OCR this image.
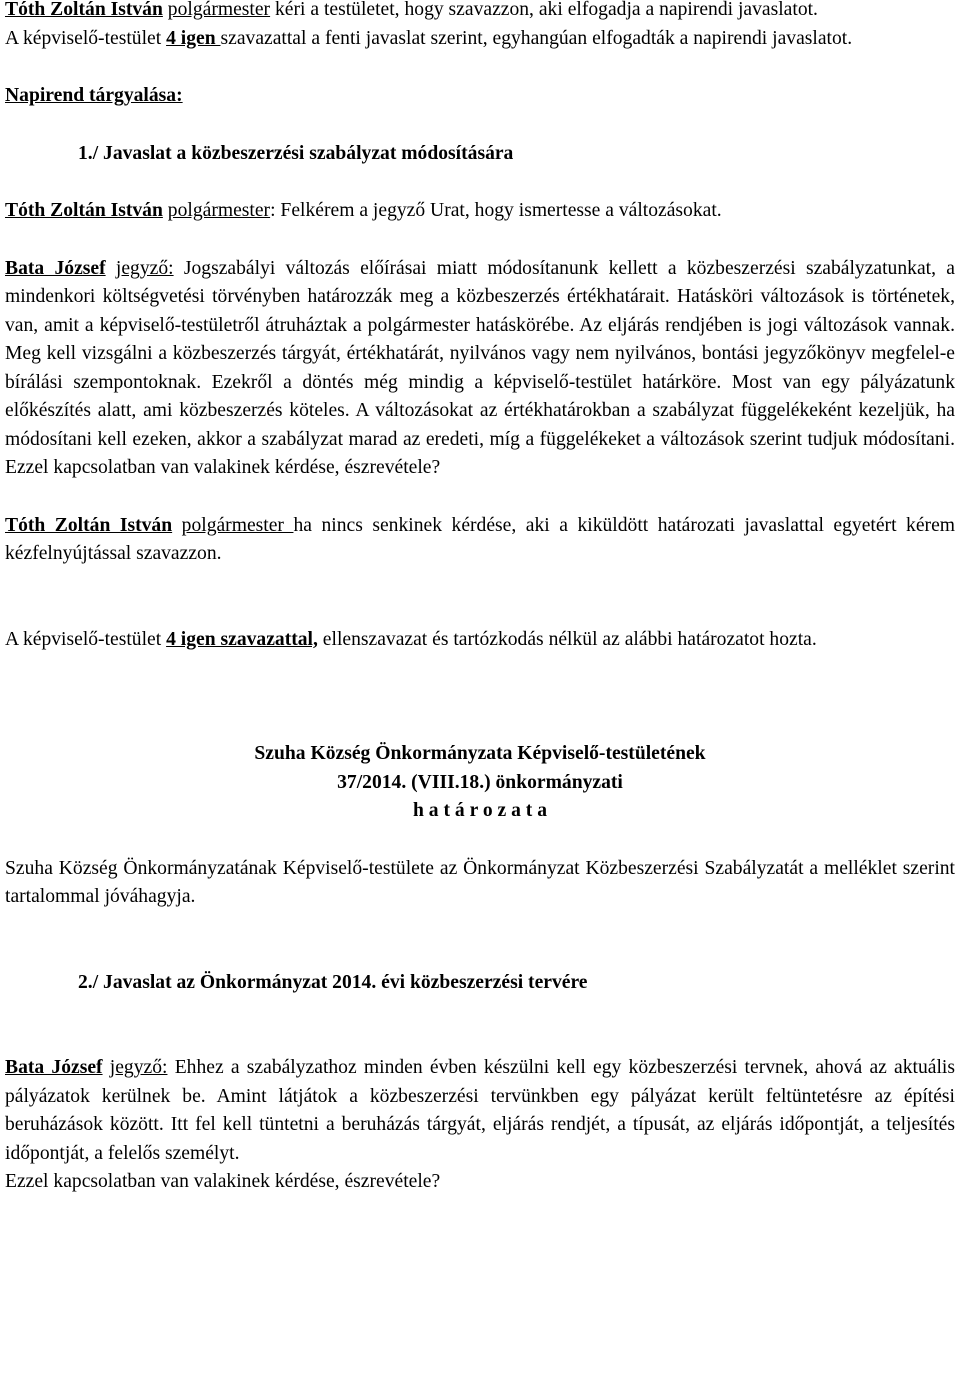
Tóth Zoltán István polgármester kéri a testületet, hogy szavazzon, aki elfogadja a napirendi javaslatot.

A képviselő-testület 4 igen szavazattal a fenti javaslat szerint, egyhangúan elfogadták a napirendi javaslatot.

Napirend tárgyalása:

1./ Javaslat a közbeszerzési szabályzat módosítására

Tóth Zoltán István polgármester: Felkérem a jegyző Urat, hogy ismertesse a változásokat.

Bata József jegyző: Jogszabályi változás előírásai miatt módosítanunk kellett a közbeszerzési szabályzatunkat, a mindenkori költségvetési törvényben határozzák meg a közbeszerzés értékhatárait. Hatásköri változások is történetek, van, amit a képviselő-testületről átruháztak a polgármester hatáskörébe. Az eljárás rendjében is jogi változások vannak. Meg kell vizsgálni a közbeszerzés tárgyát, értékhatárát, nyilvános vagy nem nyilvános, bontási jegyzőkönyv megfelel-e bírálási szempontoknak. Ezekről a döntés még mindig a képviselő-testület határköre. Most van egy pályázatunk előkészítés alatt, ami közbeszerzés köteles. A változásokat az értékhatárokban a szabályzat függelékeként kezeljük, ha módosítani kell ezeken, akkor a szabályzat marad az eredeti, míg a függelékeket a változások szerint tudjuk módosítani. Ezzel kapcsolatban van valakinek kérdése, észrevétele?

Tóth Zoltán István polgármester ha nincs senkinek kérdése, aki a kiküldött határozati javaslattal egyetért kérem kézfelnyújtással szavazzon.

A képviselő-testület 4 igen szavazattal, ellenszavazat és tartózkodás nélkül az alábbi határozatot hozta.

Szuha Község Önkormányzata Képviselő-testületének

37/2014. (VIII.18.) önkormányzati

h a t á r o z a t a

Szuha Község Önkormányzatának Képviselő-testülete az Önkormányzat Közbeszerzési Szabályzatát a melléklet szerint tartalommal jóváhagyja.

2./ Javaslat az Önkormányzat 2014. évi közbeszerzési tervére

Bata József jegyző: Ehhez a szabályzathoz minden évben készülni kell egy közbeszerzési tervnek, ahová az aktuális pályázatok kerülnek be. Amint látjátok a közbeszerzési tervünkben egy pályázat került feltüntetésre az építési beruházások között. Itt fel kell tüntetni a beruházás tárgyát, eljárás rendjét, a típusát, az eljárás időpontját, a teljesítés időpontját, a felelős személyt.

Ezzel kapcsolatban van valakinek kérdése, észrevétele?
